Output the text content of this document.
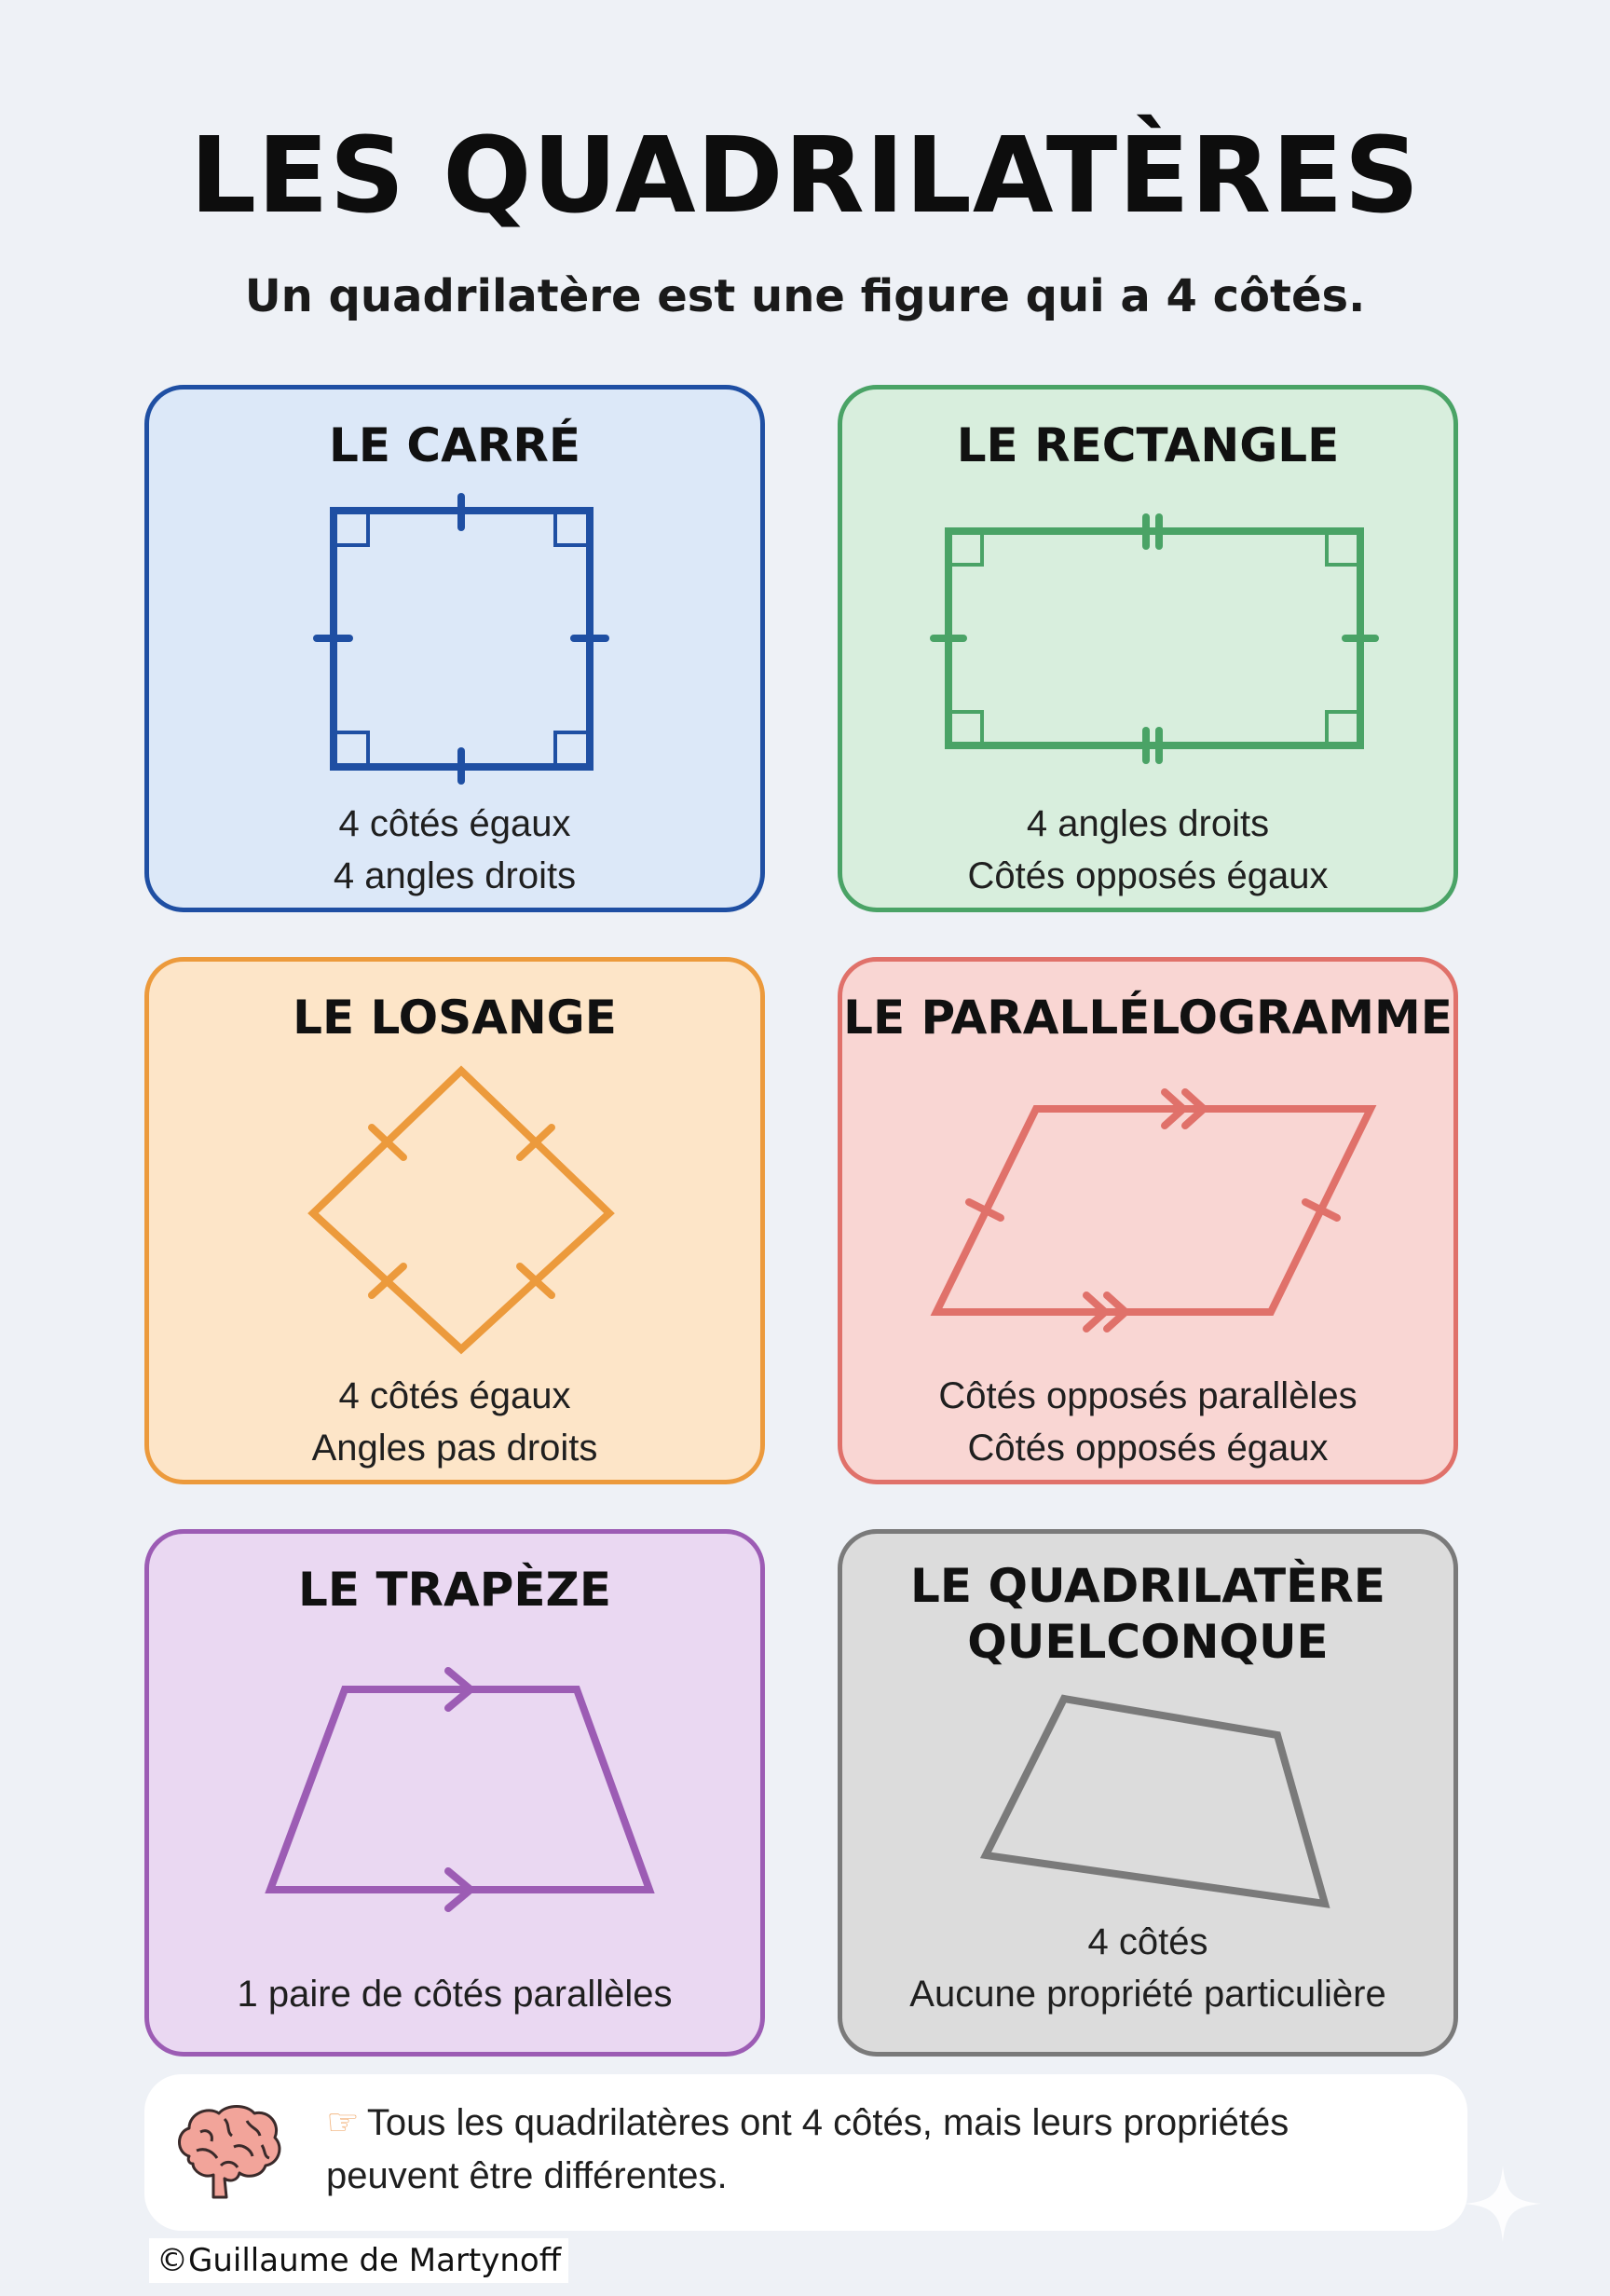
LES QUADRILATÈRES
Un quadrilatère est une figure qui a 4 côtés.
LE CARRÉ
4 côtés égaux
4 angles droits
LE RECTANGLE
4 angles droits
Côtés opposés égaux
LE LOSANGE
4 côtés égaux
Angles pas droits
LE PARALLÉLOGRAMME
Côtés opposés parallèles
Côtés opposés égaux
LE TRAPÈZE
1 paire de côtés parallèles
LE QUADRILATÈRE
QUELCONQUE
4 côtés
Aucune propriété particulière
☞ Tous les quadrilatères ont 4 côtés, mais leurs propriétés
peuvent être différentes.
©Guillaume de Martynoff
